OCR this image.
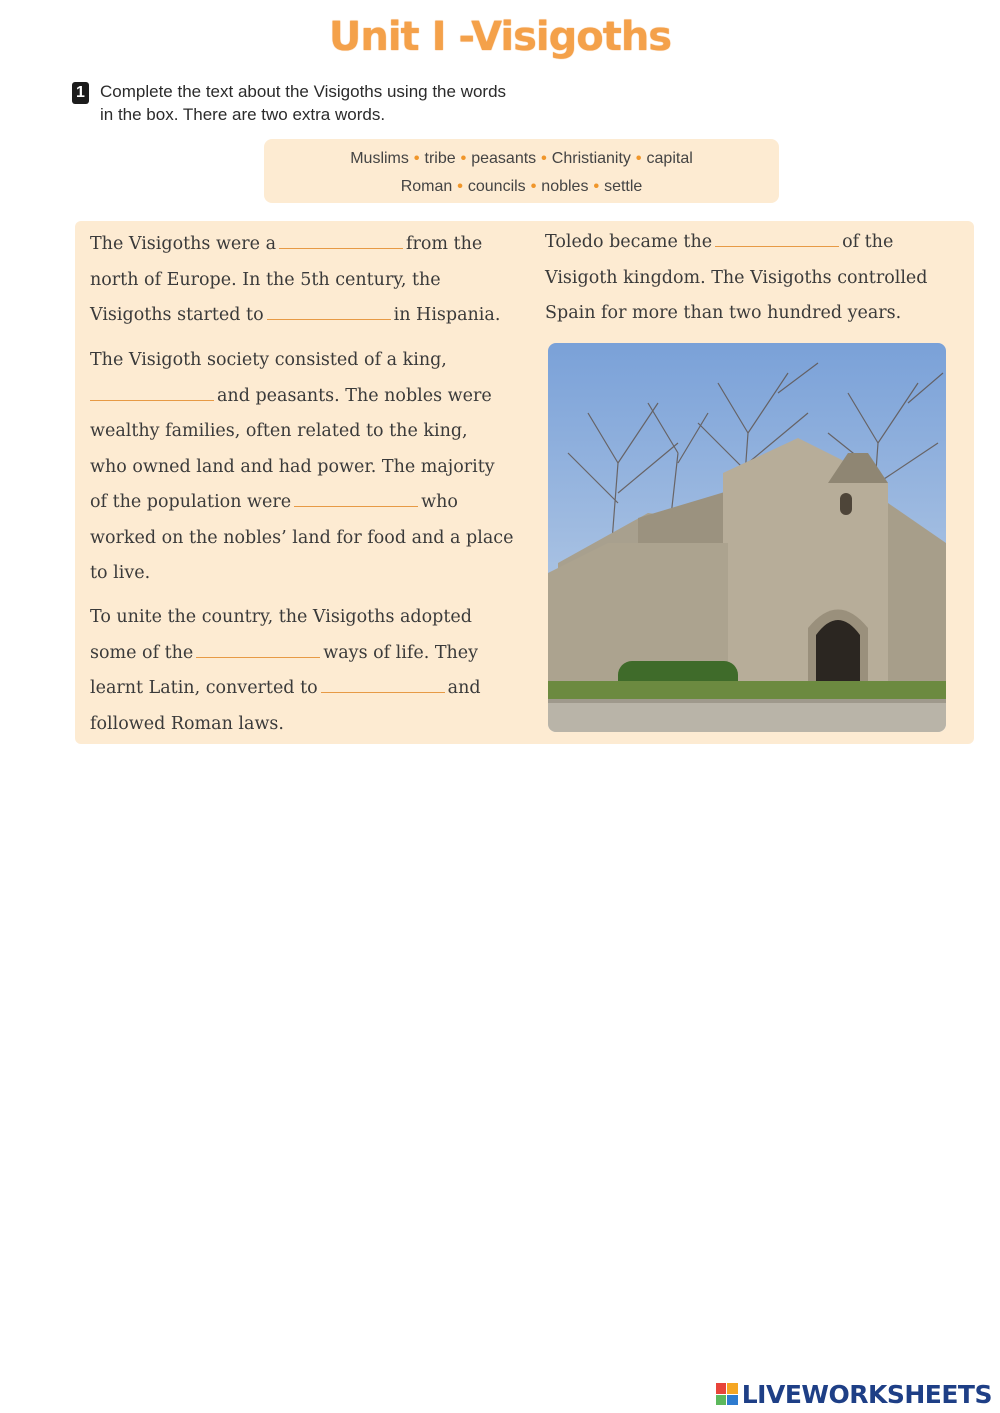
Unit I -Visigoths
1 Complete the text about the Visigoths using the words
in the box. There are two extra words.
Muslims • tribe • peasants • Christianity • capital
Roman • councils • nobles • settle
The Visigoths were a	from the
north of Europe. In the 5th century, the
Visigoths started to	in Hispania.
The Visigoth society consisted of a king,
and peasants. The nobles were
wealthy families, often related to the king,
who owned land and had power. The majority
of the population were	who
worked on the nobles’ land for food and a place
to live.
To unite the country, the Visigoths adopted
some of the	ways of life. They
learnt Latin, converted to	and
followed Roman laws.
Toledo became the	of the
Visigoth kingdom. The Visigoths controlled
Spain for more than two hundred years.
LIVEWORKSHEETS
